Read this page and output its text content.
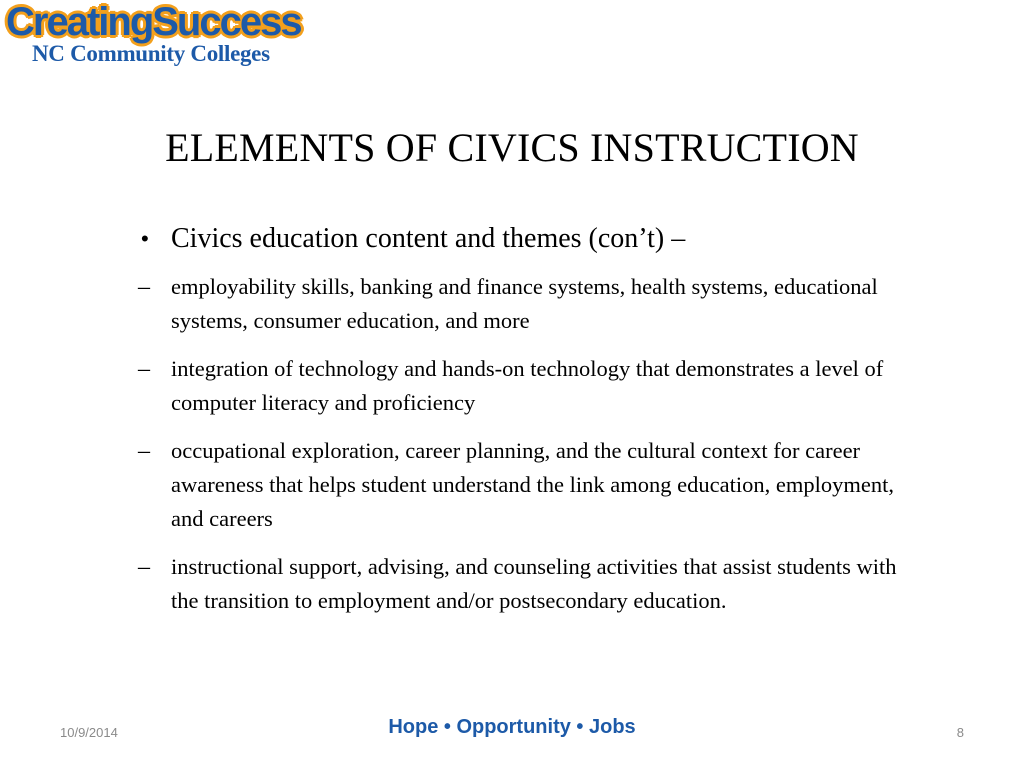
CreatingSuccess
NC Community Colleges
ELEMENTS OF CIVICS INSTRUCTION
• Civics education content and themes (con’t) –
– employability skills, banking and finance systems, health systems, educational systems, consumer education, and more
– integration of technology and hands-on technology that demonstrates a level of computer literacy and proficiency
– occupational exploration, career planning, and the cultural context for career awareness that helps student understand the link among education, employment, and careers
– instructional support, advising, and counseling activities that assist students with the transition to employment and/or postsecondary education.
10/9/2014	Hope • Opportunity • Jobs	8
